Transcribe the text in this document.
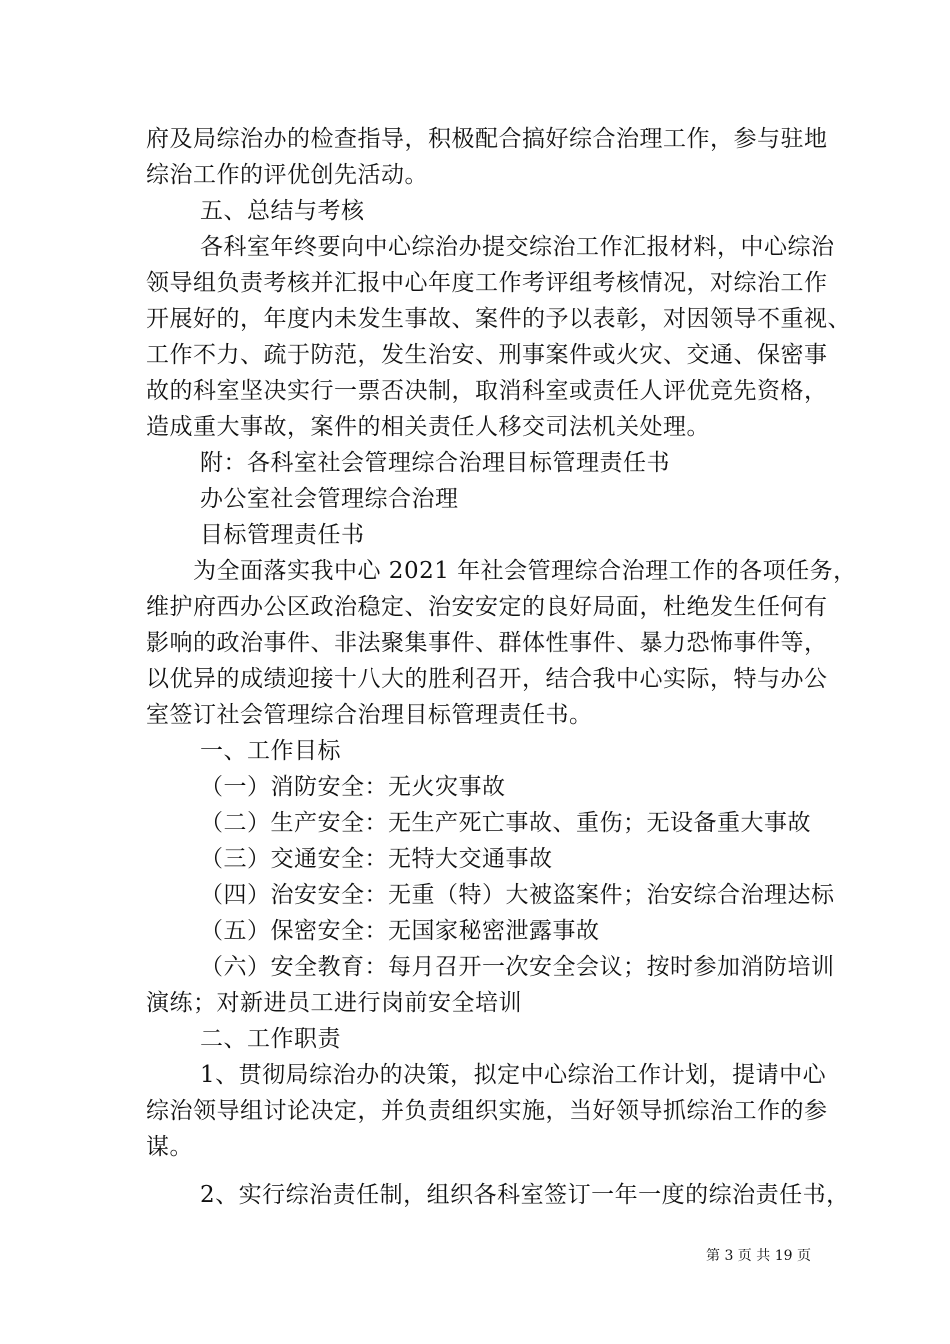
府及局综治办的检查指导，积极配合搞好综合治理工作，参与驻地
综治工作的评优创先活动。
五、总结与考核
各科室年终要向中心综治办提交综治工作汇报材料，中心综治
领导组负责考核并汇报中心年度工作考评组考核情况，对综治工作
开展好的，年度内未发生事故、案件的予以表彰，对因领导不重视、
工作不力、疏于防范，发生治安、刑事案件或火灾、交通、保密事
故的科室坚决实行一票否决制，取消科室或责任人评优竞先资格，
造成重大事故，案件的相关责任人移交司法机关处理。
附：各科室社会管理综合治理目标管理责任书
办公室社会管理综合治理
目标管理责任书
为全面落实我中心 2021 年社会管理综合治理工作的各项任务，
维护府西办公区政治稳定、治安安定的良好局面，杜绝发生任何有
影响的政治事件、非法聚集事件、群体性事件、暴力恐怖事件等，
以优异的成绩迎接十八大的胜利召开，结合我中心实际，特与办公
室签订社会管理综合治理目标管理责任书。
一、工作目标
（一）消防安全：无火灾事故
（二）生产安全：无生产死亡事故、重伤；无设备重大事故
（三）交通安全：无特大交通事故
（四）治安安全：无重（特）大被盗案件；治安综合治理达标
（五）保密安全：无国家秘密泄露事故
（六）安全教育：每月召开一次安全会议；按时参加消防培训
演练；对新进员工进行岗前安全培训
二、工作职责
1、贯彻局综治办的决策，拟定中心综治工作计划，提请中心
综治领导组讨论决定，并负责组织实施，当好领导抓综治工作的参
谋。
2、实行综治责任制，组织各科室签订一年一度的综治责任书，
第 3 页 共 19 页
